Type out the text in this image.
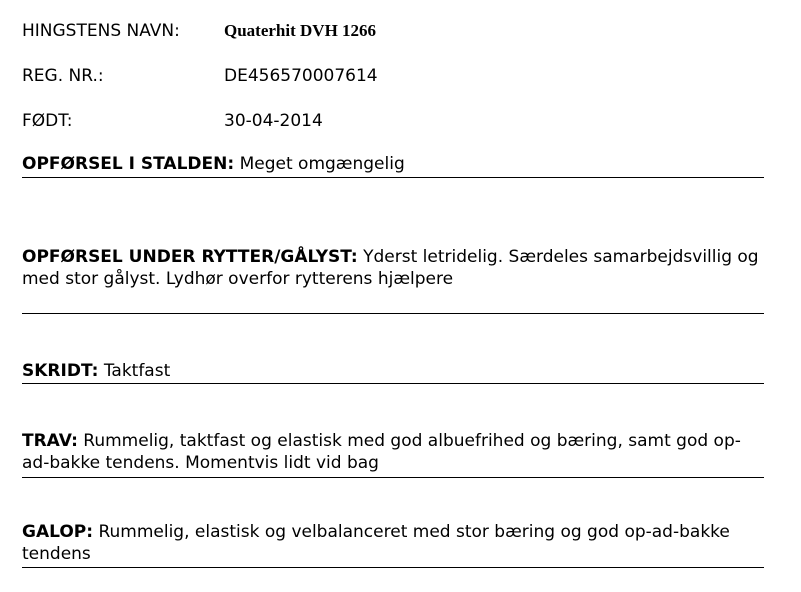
HINGSTENS NAVN:	Quaterhit DVH 1266
REG. NR.:	DE456570007614
FØDT:	30-04-2014
OPFØRSEL I STALDEN: Meget omgængelig
OPFØRSEL UNDER RYTTER/GÅLYST: Yderst letridelig. Særdeles samarbejdsvillig og med stor gålyst. Lydhør overfor rytterens hjælpere
SKRIDT: Taktfast
TRAV: Rummelig, taktfast og elastisk med god albuefrihed og bæring, samt god op-ad-bakke tendens. Momentvis lidt vid bag
GALOP: Rummelig, elastisk og velbalanceret med stor bæring og god op-ad-bakke tendens
